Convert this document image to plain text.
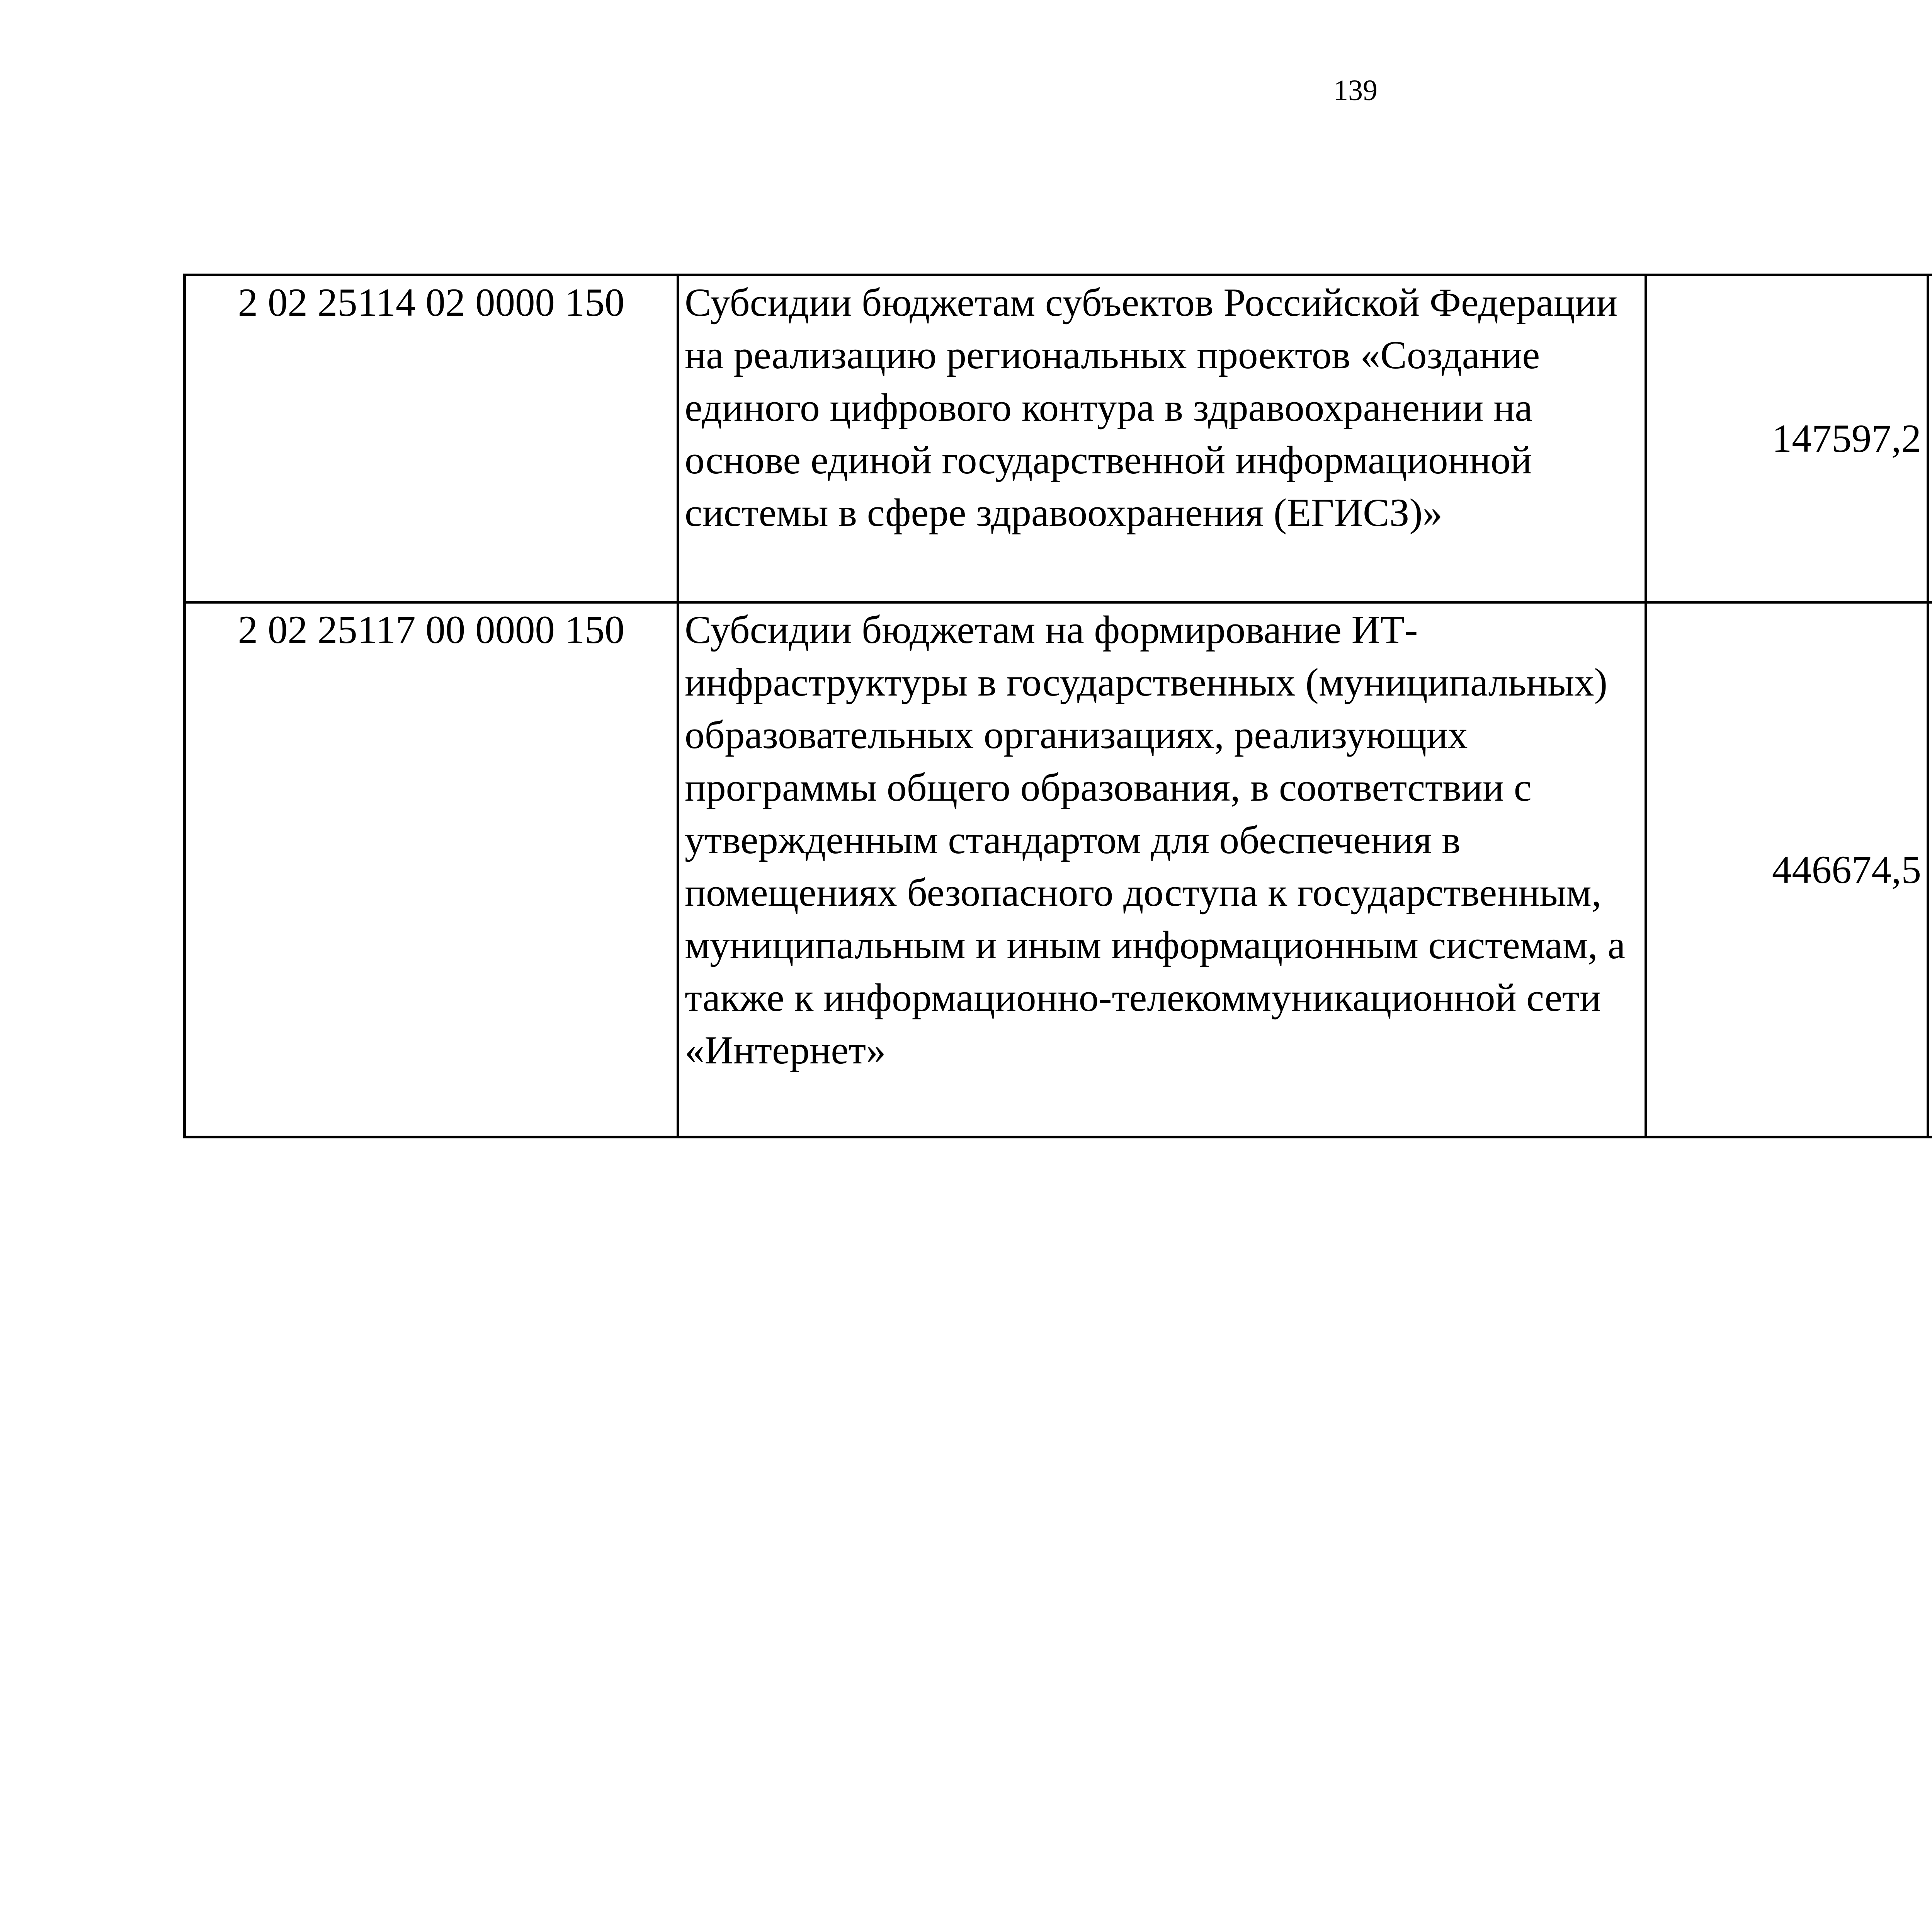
139
2 02 25114 02 0000 150	Субсидии бюджетам субъектов Российской Федерации на реализацию региональных проектов «Создание единого цифрового контура в здравоохранении на основе единой государственной информационной системы в сфере здравоохранения (ЕГИСЗ)»	147597,2		
2 02 25117 00 0000 150	Субсидии бюджетам на формирование ИТ-инфраструктуры в государственных (муниципальных) образовательных организациях, реализующих программы общего образования, в соответствии с утвержденным стандартом для обеспечения в помещениях безопасного доступа к государственным, муниципальным и иным информационным системам, а также к информационно-телекоммуникационной сети «Интернет»	446674,5		
